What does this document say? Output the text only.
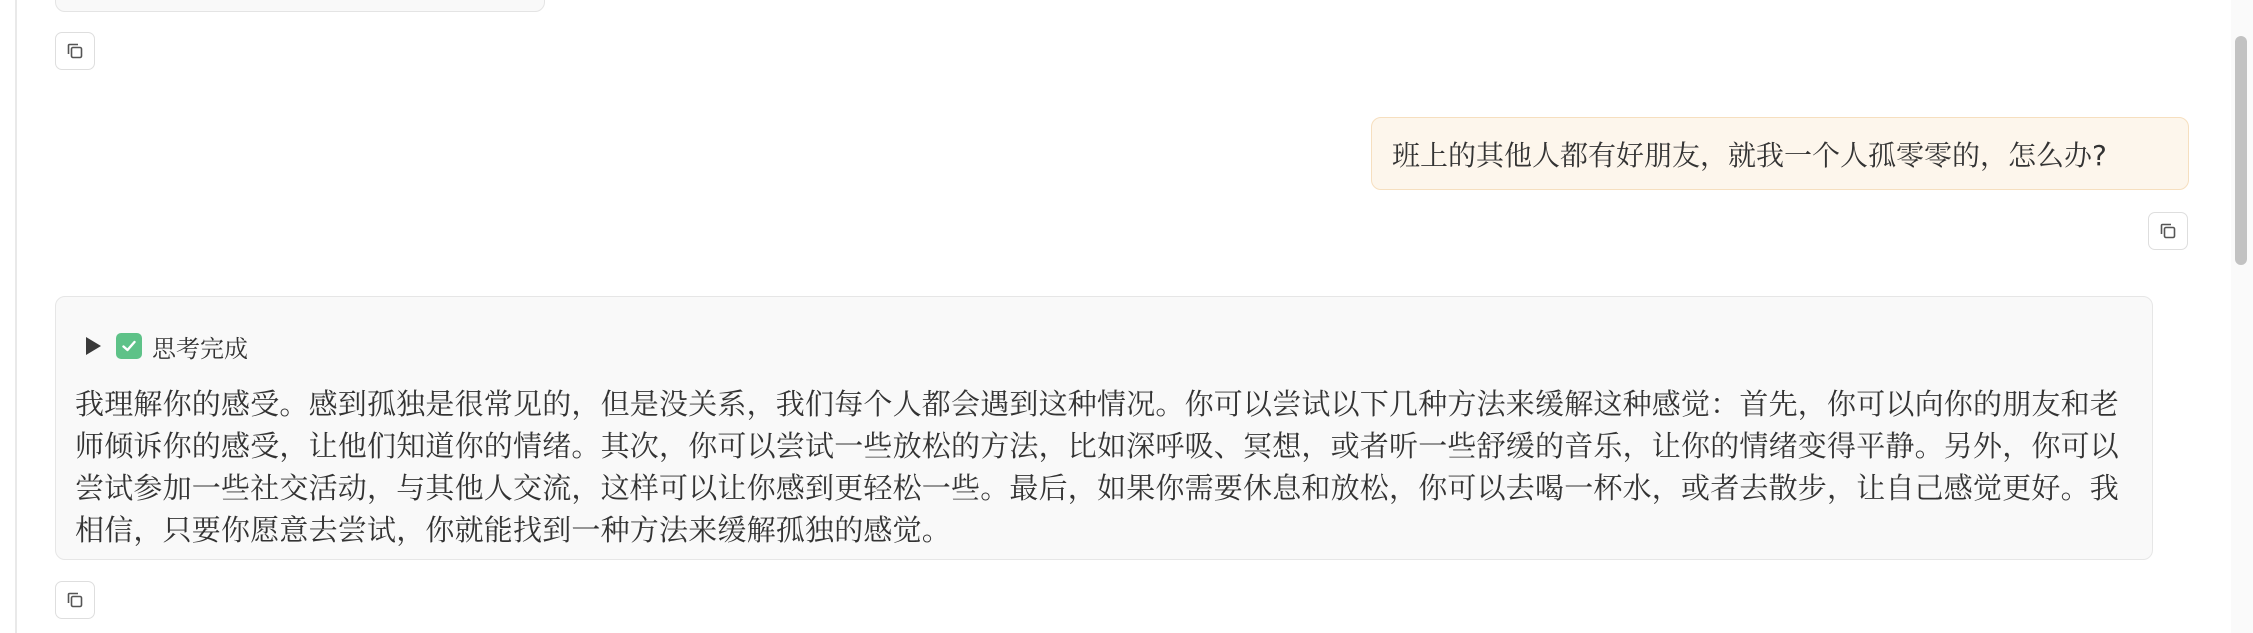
班上的其他人都有好朋友，就我一个人孤零零的，怎么办?
思考完成

我理解你的感受。感到孤独是很常见的，但是没关系，我们每个人都会遇到这种情况。你可以尝试以下几种方法来缓解这种感觉：首先，你可以向你的朋友和老师倾诉你的感受，让他们知道你的情绪。其次，你可以尝试一些放松的方法，比如深呼吸、冥想，或者听一些舒缓的音乐，让你的情绪变得平静。另外，你可以尝试参加一些社交活动，与其他人交流，这样可以让你感到更轻松一些。最后，如果你需要休息和放松，你可以去喝一杯水，或者去散步，让自己感觉更好。我相信，只要你愿意去尝试，你就能找到一种方法来缓解孤独的感觉。
